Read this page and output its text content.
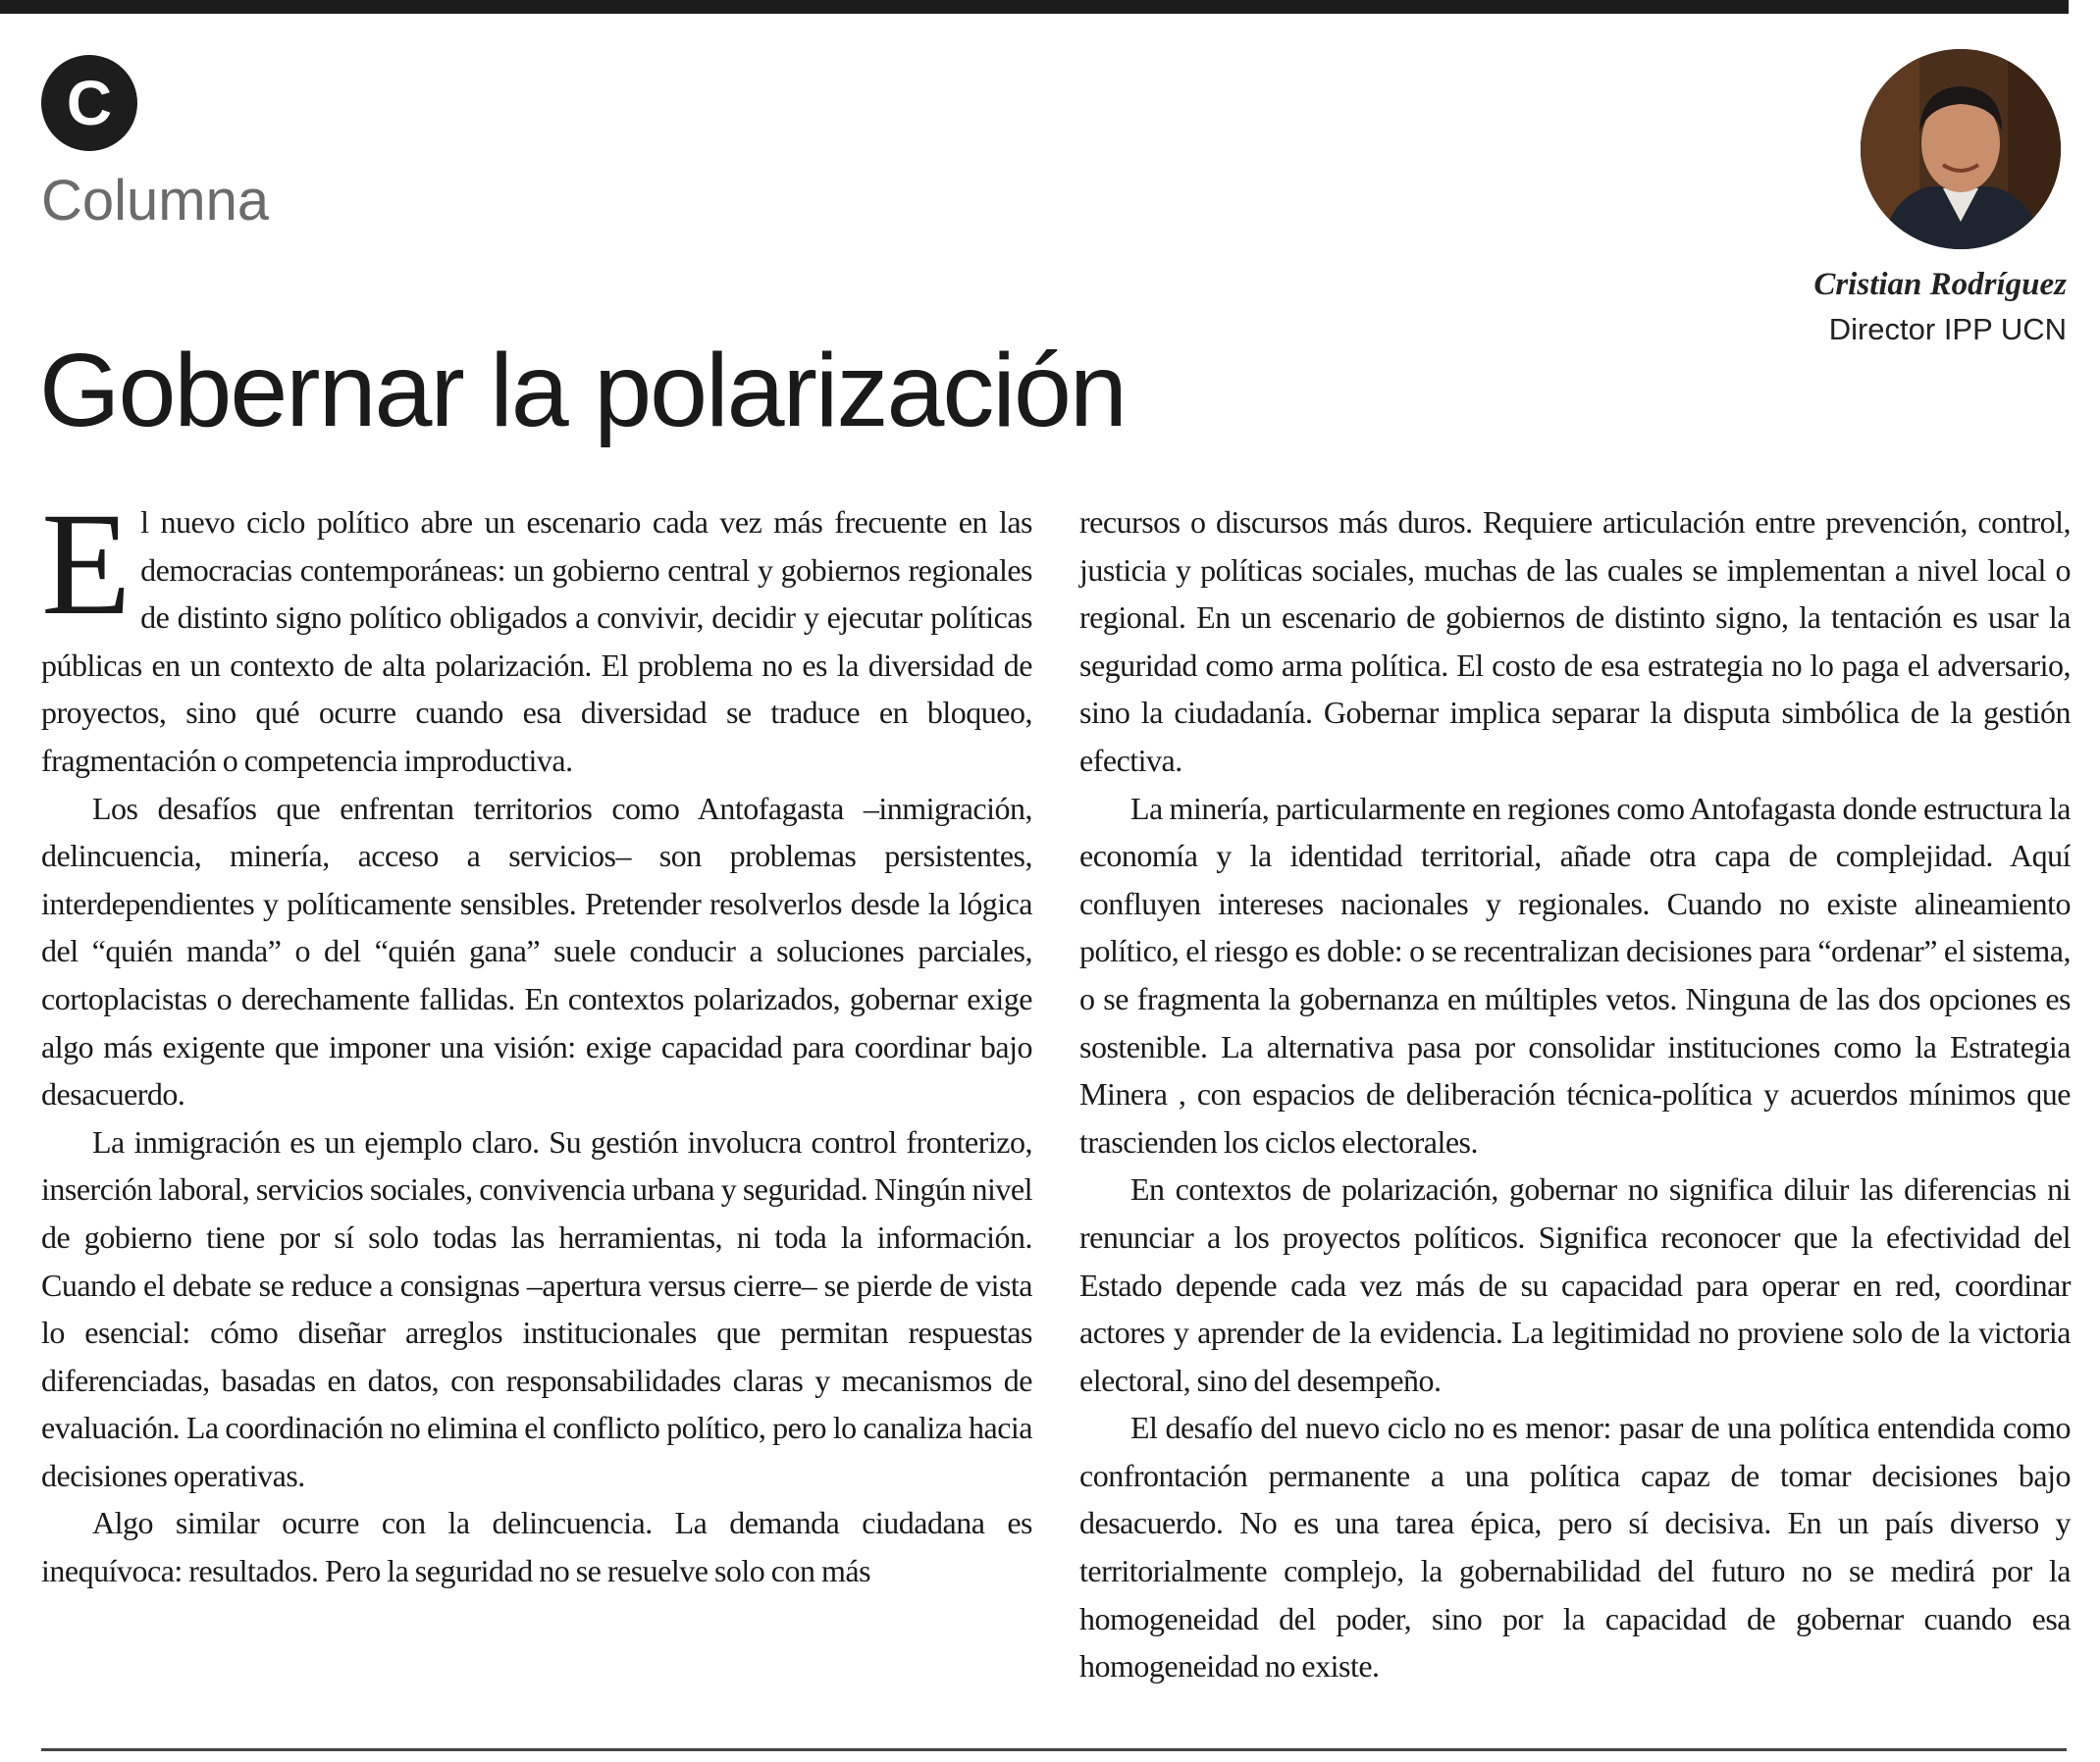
C
Columna
Cristian Rodríguez
Director IPP UCN
Gobernar la polarización

El nuevo ciclo político abre un escenario cada vez más frecuente en las democracias contemporáneas: un gobierno central y gobiernos regionales de distinto signo político obligados a convivir, decidir y ejecutar políticas públicas en un contexto de alta polarización. El problema no es la diversidad de proyectos, sino qué ocurre cuando esa diversidad se traduce en bloqueo, fragmentación o competencia improductiva.

Los desafíos que enfrentan territorios como Antofagasta –inmigración, delincuencia, minería, acceso a servicios– son problemas persistentes, interdependientes y políticamente sensibles. Pretender resolverlos desde la lógica del “quién manda” o del “quién gana” suele conducir a soluciones parciales, cortoplacistas o derechamente fallidas. En contextos polarizados, gobernar exige algo más exigente que imponer una visión: exige capacidad para coordinar bajo desacuerdo.

La inmigración es un ejemplo claro. Su gestión involucra control fronterizo, inserción laboral, servicios sociales, convivencia urbana y seguridad. Ningún nivel de gobierno tiene por sí solo todas las herramientas, ni toda la información. Cuando el debate se reduce a consignas –apertura versus cierre– se pierde de vista lo esencial: cómo diseñar arreglos institucionales que permitan respuestas diferenciadas, basadas en datos, con responsabilidades claras y mecanismos de evaluación. La coordinación no elimina el conflicto político, pero lo canaliza hacia decisiones operativas.

Algo similar ocurre con la delincuencia. La demanda ciudadana es inequívoca: resultados. Pero la seguridad no se resuelve solo con más

recursos o discursos más duros. Requiere articulación entre prevención, control, justicia y políticas sociales, muchas de las cuales se implementan a nivel local o regional. En un escenario de gobiernos de distinto signo, la tentación es usar la seguridad como arma política. El costo de esa estrategia no lo paga el adversario, sino la ciudadanía. Gobernar implica separar la disputa simbólica de la gestión efectiva.

La minería, particularmente en regiones como Antofagasta donde estructura la economía y la identidad territorial, añade otra capa de complejidad. Aquí confluyen intereses nacionales y regionales. Cuando no existe alineamiento político, el riesgo es doble: o se recentralizan decisiones para “ordenar” el sistema, o se fragmenta la gobernanza en múltiples vetos. Ninguna de las dos opciones es sostenible. La alternativa pasa por consolidar instituciones como la Estrategia Minera , con espacios de deliberación técnica-política y acuerdos mínimos que trascienden los ciclos electorales.

En contextos de polarización, gobernar no significa diluir las diferencias ni renunciar a los proyectos políticos. Significa reconocer que la efectividad del Estado depende cada vez más de su capacidad para operar en red, coordinar actores y aprender de la evidencia. La legitimidad no proviene solo de la victoria electoral, sino del desempeño.

El desafío del nuevo ciclo no es menor: pasar de una política entendida como confrontación permanente a una política capaz de tomar decisiones bajo desacuerdo. No es una tarea épica, pero sí decisiva. En un país diverso y territorialmente complejo, la gobernabilidad del futuro no se medirá por la homogeneidad del poder, sino por la capacidad de gobernar cuando esa homogeneidad no existe.
